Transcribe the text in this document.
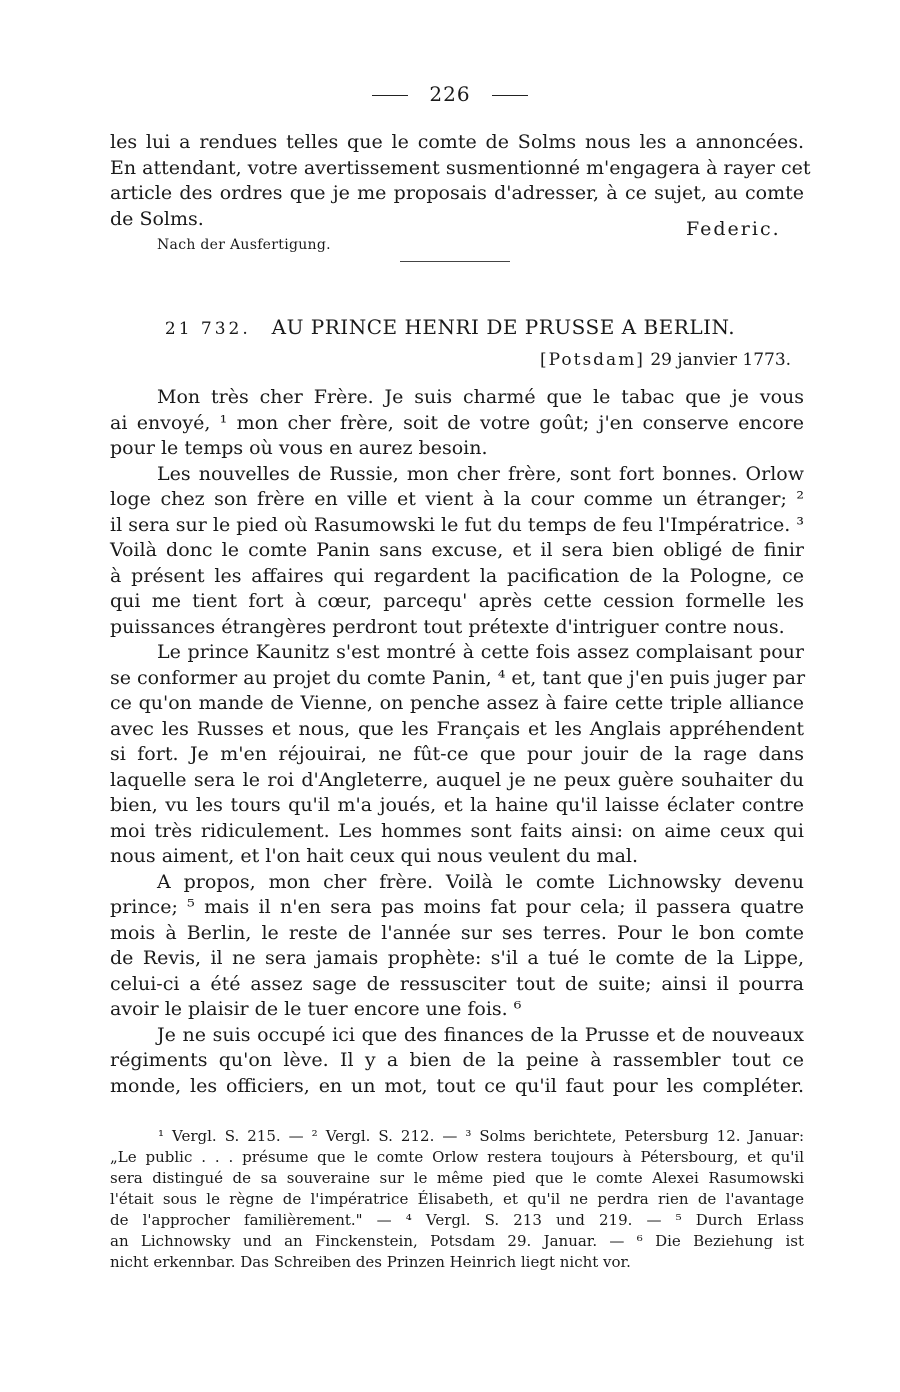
226
les lui a rendues telles que le comte de Solms nous les a annoncées.
En attendant, votre avertissement susmentionné m'engagera à rayer cet
article des ordres que je me proposais d'adresser, à ce sujet, au comte
de Solms.	Federic.
Nach der Ausfertigung.
21 732. AU PRINCE HENRI DE PRUSSE A BERLIN.
[Potsdam] 29 janvier 1773.
Mon très cher Frère. Je suis charmé que le tabac que je vous
ai envoyé, ¹ mon cher frère, soit de votre goût; j'en conserve encore
pour le temps où vous en aurez besoin.
Les nouvelles de Russie, mon cher frère, sont fort bonnes. Orlow
loge chez son frère en ville et vient à la cour comme un étranger; ²
il sera sur le pied où Rasumowski le fut du temps de feu l'Impératrice. ³
Voilà donc le comte Panin sans excuse, et il sera bien obligé de finir
à présent les affaires qui regardent la pacification de la Pologne, ce
qui me tient fort à cœur, parcequ' après cette cession formelle les
puissances étrangères perdront tout prétexte d'intriguer contre nous.
Le prince Kaunitz s'est montré à cette fois assez complaisant pour
se conformer au projet du comte Panin, ⁴ et, tant que j'en puis juger par
ce qu'on mande de Vienne, on penche assez à faire cette triple alliance
avec les Russes et nous, que les Français et les Anglais appréhendent
si fort. Je m'en réjouirai, ne fût-ce que pour jouir de la rage dans
laquelle sera le roi d'Angleterre, auquel je ne peux guère souhaiter du
bien, vu les tours qu'il m'a joués, et la haine qu'il laisse éclater contre
moi très ridiculement. Les hommes sont faits ainsi: on aime ceux qui
nous aiment, et l'on hait ceux qui nous veulent du mal.
A propos, mon cher frère. Voilà le comte Lichnowsky devenu
prince; ⁵ mais il n'en sera pas moins fat pour cela; il passera quatre
mois à Berlin, le reste de l'année sur ses terres. Pour le bon comte
de Revis, il ne sera jamais prophète: s'il a tué le comte de la Lippe,
celui-ci a été assez sage de ressusciter tout de suite; ainsi il pourra
avoir le plaisir de le tuer encore une fois. ⁶
Je ne suis occupé ici que des finances de la Prusse et de nouveaux
régiments qu'on lève. Il y a bien de la peine à rassembler tout ce
monde, les officiers, en un mot, tout ce qu'il faut pour les compléter.
¹ Vergl. S. 215. — ² Vergl. S. 212. — ³ Solms berichtete, Petersburg 12. Januar:
„Le public . . . présume que le comte Orlow restera toujours à Pétersbourg, et qu'il
sera distingué de sa souveraine sur le même pied que le comte Alexei Rasumowski
l'était sous le règne de l'impératrice Élisabeth, et qu'il ne perdra rien de l'avantage
de l'approcher familièrement." — ⁴ Vergl. S. 213 und 219. — ⁵ Durch Erlass
an Lichnowsky und an Finckenstein, Potsdam 29. Januar. — ⁶ Die Beziehung ist
nicht erkennbar. Das Schreiben des Prinzen Heinrich liegt nicht vor.
